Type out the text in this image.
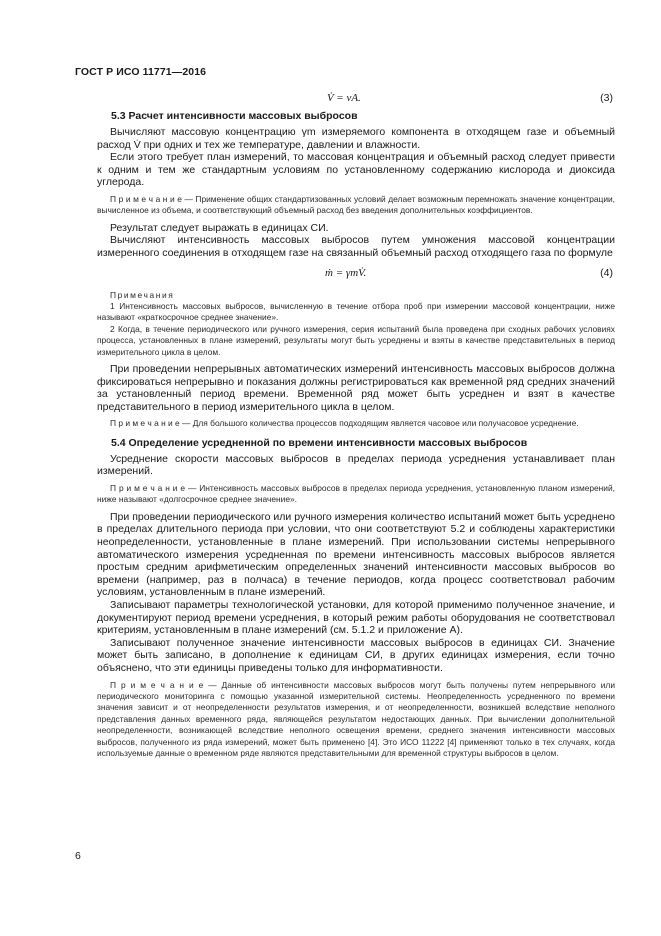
ГОСТ Р ИСО 11771—2016
V̇ = vA.	(3)
5.3 Расчет интенсивности массовых выбросов

Вычисляют массовую концентрацию γm измеряемого компонента в отходящем газе и объемный расход V̇ при одних и тех же температуре, давлении и влажности.

Если этого требует план измерений, то массовая концентрация и объемный расход следует привести к одним и тем же стандартным условиям по установленному содержанию кислорода и диоксида углерода.

П р и м е ч а н и е — Применение общих стандартизованных условий делает возможным перемножать значение концентрации, вычисленное из объема, и соответствующий объемный расход без введения дополнительных коэффициентов.

Результат следует выражать в единицах СИ.

Вычисляют интенсивность массовых выбросов путем умножения массовой концентрации измеренного соединения в отходящем газе на связанный объемный расход отходящего газа по формуле

ṁ = γmV̇.	(4)

Примечания

1 Интенсивность массовых выбросов, вычисленную в течение отбора проб при измерении массовой концентрации, ниже называют «краткосрочное среднее значение».

2 Когда, в течение периодического или ручного измерения, серия испытаний была проведена при сходных рабочих условиях процесса, установленных в плане измерений, результаты могут быть усреднены и взяты в качестве представительных в период измерительного цикла в целом.

При проведении непрерывных автоматических измерений интенсивность массовых выбросов должна фиксироваться непрерывно и показания должны регистрироваться как временной ряд средних значений за установленный период времени. Временной ряд может быть усреднен и взят в качестве представительного в период измерительного цикла в целом.

П р и м е ч а н и е — Для большого количества процессов подходящим является часовое или получасовое усреднение.

5.4 Определение усредненной по времени интенсивности массовых выбросов

Усреднение скорости массовых выбросов в пределах периода усреднения устанавливает план измерений.

П р и м е ч а н и е — Интенсивность массовых выбросов в пределах периода усреднения, установленную планом измерений, ниже называют «долгосрочное среднее значение».

При проведении периодического или ручного измерения количество испытаний может быть усреднено в пределах длительного периода при условии, что они соответствуют 5.2 и соблюдены характеристики неопределенности, установленные в плане измерений. При использовании системы непрерывного автоматического измерения усредненная по времени интенсивность массовых выбросов является простым средним арифметическим определенных значений интенсивности массовых выбросов во времени (например, раз в полчаса) в течение периодов, когда процесс соответствовал рабочим условиям, установленным в плане измерений.

Записывают параметры технологической установки, для которой применимо полученное значение, и документируют период времени усреднения, в который режим работы оборудования не соответствовал критериям, установленным в плане измерений (см. 5.1.2 и приложение А).

Записывают полученное значение интенсивности массовых выбросов в единицах СИ. Значение может быть записано, в дополнение к единицам СИ, в других единицах измерения, если точно объяснено, что эти единицы приведены только для информативности.

П р и м е ч а н и е — Данные об интенсивности массовых выбросов могут быть получены путем непрерывного или периодического мониторинга с помощью указанной измерительной системы. Неопределенность усредненного по времени значения зависит и от неопределенности результатов измерения, и от неопределенности, возникшей вследствие неполного представления данных временного ряда, являющейся результатом недостающих данных. При вычислении дополнительной неопределенности, возникающей вследствие неполного освещения времени, среднего значения интенсивности массовых выбросов, полученного из ряда измерений, может быть применено [4]. Это ИСО 11222 [4] применяют только в тех случаях, когда используемые данные о временном ряде являются представительными для временной структуры выбросов в целом.

6
